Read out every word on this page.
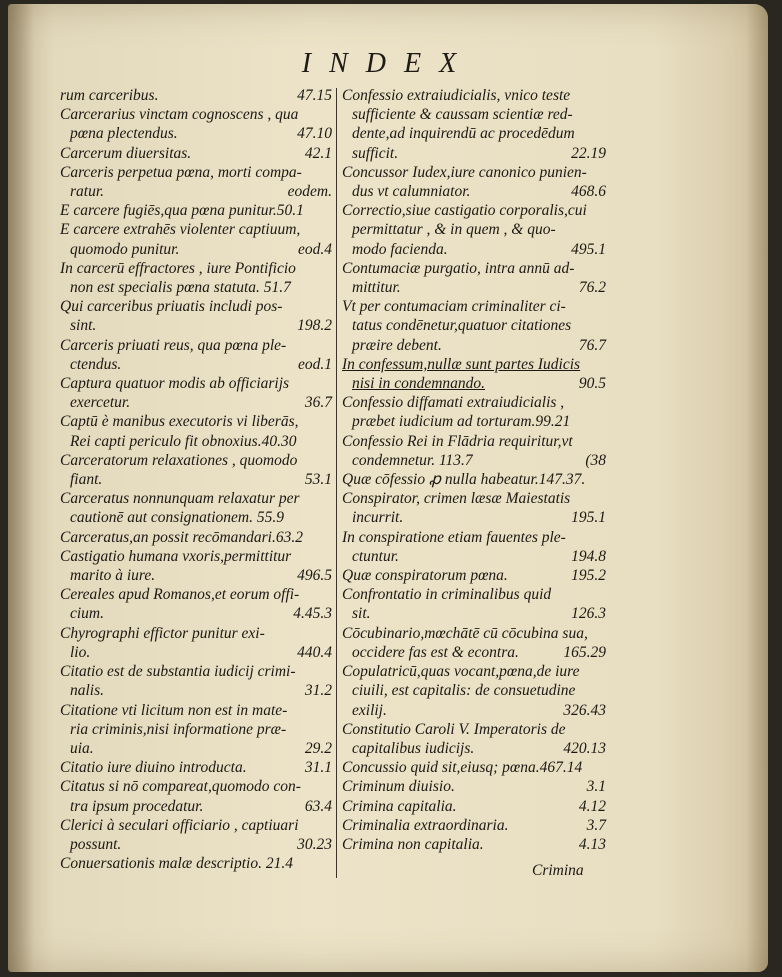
INDEX
rum carceribus.	47.15
Carcerarius vinctam cognoscens , qua
pœna plectendus.	47.10
Carcerum diuersitas.	42.1
Carceris perpetua pœna, morti compa-
ratur.	eodem.
E carcere fugiēs,qua pœna punitur.50.1
E carcere extrahēs violenter captiuum,
quomodo punitur.	eod.4
In carcerū effractores , iure Pontificio
non est specialis pœna statuta. 51.7
Qui carceribus priuatis includi pos-
sint.	198.2
Carceris priuati reus, qua pœna ple-
ctendus.	eod.1
Captura quatuor modis ab officiarijs
exercetur.	36.7
Captū è manibus executoris vi liberās,
Rei capti periculo fit obnoxius.40.30
Carceratorum relaxationes , quomodo
fiant.	53.1
Carceratus nonnunquam relaxatur per
cautionē aut consignationem. 55.9
Carceratus,an possit recōmandari.63.2
Castigatio humana vxoris,permittitur
marito à iure.	496.5
Cereales apud Romanos,et eorum offi-
cium.	4.45.3
Chyrographi effictor punitur exi-
lio.	440.4
Citatio est de substantia iudicij crimi-
nalis.	31.2
Citatione vti licitum non est in mate-
ria criminis,nisi informatione præ-
uia.	29.2
Citatio iure diuino introducta.	31.1
Citatus si nō compareat,quomodo con-
tra ipsum procedatur.	63.4
Clerici à seculari officiario , captiuari
possunt.	30.23
Conuersationis malæ descriptio. 21.4
Confessio extraiudicialis, vnico teste
sufficiente & caussam scientiæ red-
dente,ad inquirendū ac procedēdum
sufficit.	22.19
Concussor Iudex,iure canonico punien-
dus vt calumniator.	468.6
Correctio,siue castigatio corporalis,cui
permittatur , & in quem , & quo-
modo facienda.	495.1
Contumaciæ purgatio, intra annū ad-
mittitur.	76.2
Vt per contumaciam criminaliter ci-
tatus condēnetur,quatuor citationes
præire debent.	76.7
In confessum,nullæ sunt partes Iudicis
nisi in condemnando.	90.5
Confessio diffamati extraiudicialis ,
præbet iudicium ad torturam.99.21
Confessio Rei in Flādria requiritur,vt
condemnetur. 113.7	(38
Quæ cōfessio ꝓ nulla habeatur.147.37.
Conspirator, crimen læsæ Maiestatis
incurrit.	195.1
In conspiratione etiam fauentes ple-
ctuntur.	194.8
Quæ conspiratorum pœna.	195.2
Confrontatio in criminalibus quid
sit.	126.3
Cōcubinario,mœchātē cū cōcubina sua,
occidere fas est & econtra.	165.29
Copulatricū,quas vocant,pœna,de iure
ciuili, est capitalis: de consuetudine
exilij.	326.43
Constitutio Caroli V. Imperatoris de
capitalibus iudicijs.	420.13
Concussio quid sit,eiusq; pœna.467.14
Criminum diuisio.	3.1
Crimina capitalia.	4.12
Criminalia extraordinaria.	3.7
Crimina non capitalia.	4.13
Crimina
